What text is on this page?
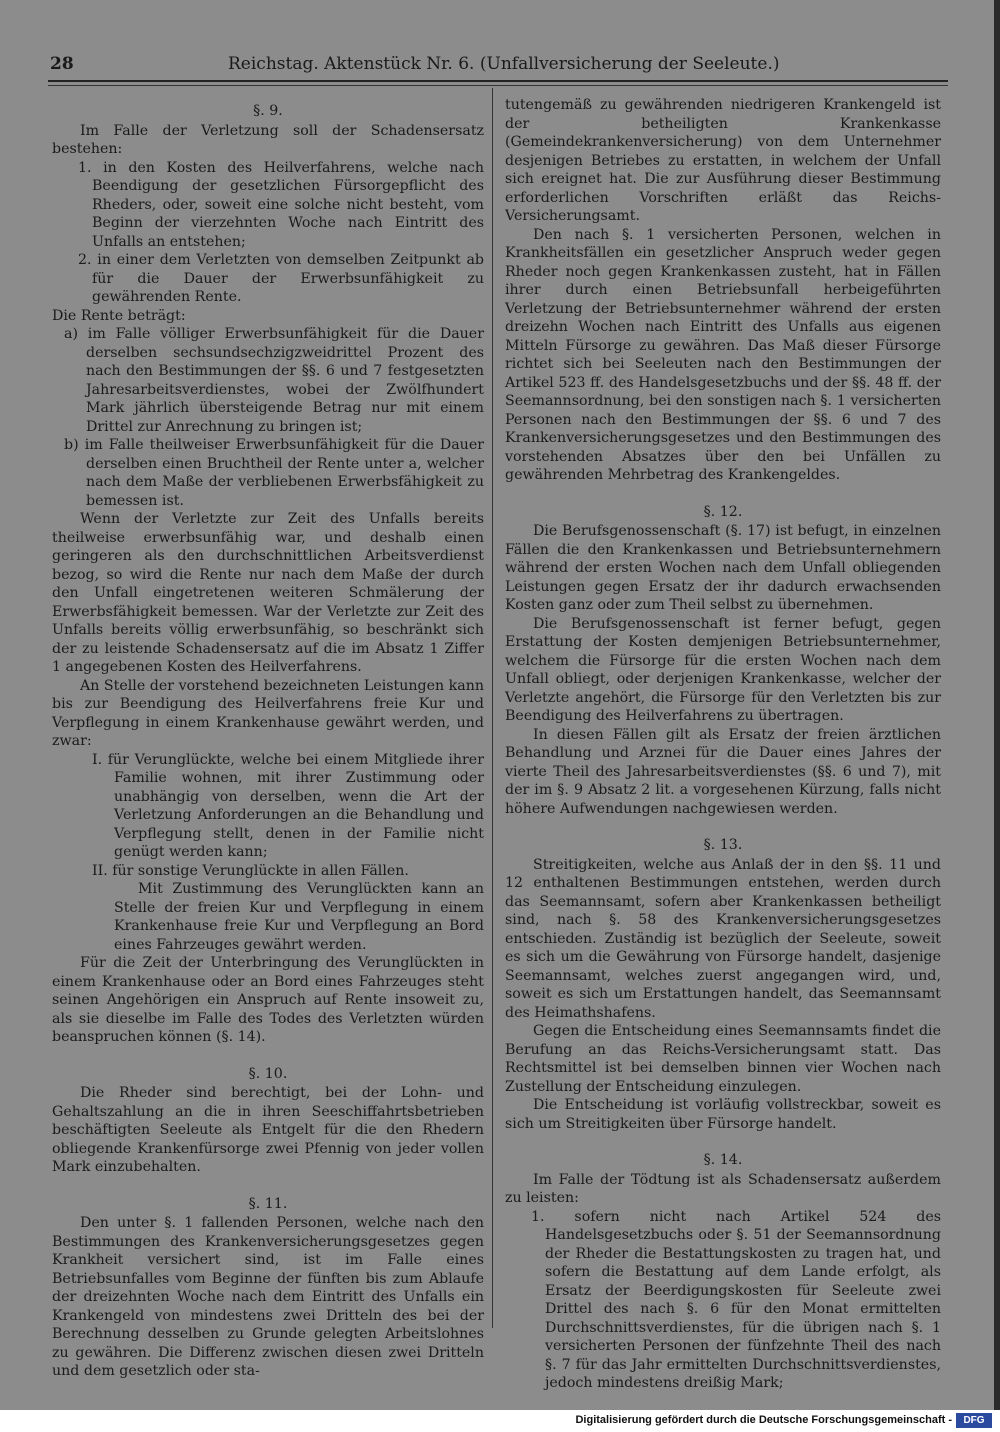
28	Reichstag. Aktenstück Nr. 6. (Unfallversicherung der Seeleute.)
§. 9.

Im Falle der Verletzung soll der Schadensersatz bestehen:

1. in den Kosten des Heilverfahrens, welche nach Beendigung der gesetzlichen Fürsorgepflicht des Rheders, oder, soweit eine solche nicht besteht, vom Beginn der vierzehnten Woche nach Eintritt des Unfalls an entstehen;

2. in einer dem Verletzten von demselben Zeitpunkt ab für die Dauer der Erwerbsunfähigkeit zu gewährenden Rente.

Die Rente beträgt:

a) im Falle völliger Erwerbsunfähigkeit für die Dauer derselben sechsundsechzigzweidrittel Prozent des nach den Bestimmungen der §§. 6 und 7 festgesetzten Jahresarbeitsverdienstes, wobei der Zwölfhundert Mark jährlich übersteigende Betrag nur mit einem Drittel zur Anrechnung zu bringen ist;

b) im Falle theilweiser Erwerbsunfähigkeit für die Dauer derselben einen Bruchtheil der Rente unter a, welcher nach dem Maße der verbliebenen Erwerbsfähigkeit zu bemessen ist.

Wenn der Verletzte zur Zeit des Unfalls bereits theilweise erwerbsunfähig war, und deshalb einen geringeren als den durchschnittlichen Arbeitsverdienst bezog, so wird die Rente nur nach dem Maße der durch den Unfall eingetretenen weiteren Schmälerung der Erwerbsfähigkeit bemessen. War der Verletzte zur Zeit des Unfalls bereits völlig erwerbsunfähig, so beschränkt sich der zu leistende Schadensersatz auf die im Absatz 1 Ziffer 1 angegebenen Kosten des Heilverfahrens.

An Stelle der vorstehend bezeichneten Leistungen kann bis zur Beendigung des Heilverfahrens freie Kur und Verpflegung in einem Krankenhause gewährt werden, und zwar:

I. für Verunglückte, welche bei einem Mitgliede ihrer Familie wohnen, mit ihrer Zustimmung oder unabhängig von derselben, wenn die Art der Verletzung Anforderungen an die Behandlung und Verpflegung stellt, denen in der Familie nicht genügt werden kann;

II. für sonstige Verunglückte in allen Fällen.

Mit Zustimmung des Verunglückten kann an Stelle der freien Kur und Verpflegung in einem Krankenhause freie Kur und Verpflegung an Bord eines Fahrzeuges gewährt werden.

Für die Zeit der Unterbringung des Verunglückten in einem Krankenhause oder an Bord eines Fahrzeuges steht seinen Angehörigen ein Anspruch auf Rente insoweit zu, als sie dieselbe im Falle des Todes des Verletzten würden beanspruchen können (§. 14).

§. 10.

Die Rheder sind berechtigt, bei der Lohn- und Gehaltszahlung an die in ihren Seeschiffahrtsbetrieben beschäftigten Seeleute als Entgelt für die den Rhedern obliegende Krankenfürsorge zwei Pfennig von jeder vollen Mark einzubehalten.

§. 11.

Den unter §. 1 fallenden Personen, welche nach den Bestimmungen des Krankenversicherungsgesetzes gegen Krankheit versichert sind, ist im Falle eines Betriebsunfalles vom Beginne der fünften bis zum Ablaufe der dreizehnten Woche nach dem Eintritt des Unfalls ein Krankengeld von mindestens zwei Dritteln des bei der Berechnung desselben zu Grunde gelegten Arbeitslohnes zu gewähren. Die Differenz zwischen diesen zwei Dritteln und dem gesetzlich oder sta-

tutengemäß zu gewährenden niedrigeren Krankengeld ist der betheiligten Krankenkasse (Gemeindekrankenversicherung) von dem Unternehmer desjenigen Betriebes zu erstatten, in welchem der Unfall sich ereignet hat. Die zur Ausführung dieser Bestimmung erforderlichen Vorschriften erläßt das Reichs-Versicherungsamt.

Den nach §. 1 versicherten Personen, welchen in Krankheitsfällen ein gesetzlicher Anspruch weder gegen Rheder noch gegen Krankenkassen zusteht, hat in Fällen ihrer durch einen Betriebsunfall herbeigeführten Verletzung der Betriebsunternehmer während der ersten dreizehn Wochen nach Eintritt des Unfalls aus eigenen Mitteln Fürsorge zu gewähren. Das Maß dieser Fürsorge richtet sich bei Seeleuten nach den Bestimmungen der Artikel 523 ff. des Handelsgesetzbuchs und der §§. 48 ff. der Seemannsordnung, bei den sonstigen nach §. 1 versicherten Personen nach den Bestimmungen der §§. 6 und 7 des Krankenversicherungsgesetzes und den Bestimmungen des vorstehenden Absatzes über den bei Unfällen zu gewährenden Mehrbetrag des Krankengeldes.

§. 12.

Die Berufsgenossenschaft (§. 17) ist befugt, in einzelnen Fällen die den Krankenkassen und Betriebsunternehmern während der ersten Wochen nach dem Unfall obliegenden Leistungen gegen Ersatz der ihr dadurch erwachsenden Kosten ganz oder zum Theil selbst zu übernehmen.

Die Berufsgenossenschaft ist ferner befugt, gegen Erstattung der Kosten demjenigen Betriebsunternehmer, welchem die Fürsorge für die ersten Wochen nach dem Unfall obliegt, oder derjenigen Krankenkasse, welcher der Verletzte angehört, die Fürsorge für den Verletzten bis zur Beendigung des Heilverfahrens zu übertragen.

In diesen Fällen gilt als Ersatz der freien ärztlichen Behandlung und Arznei für die Dauer eines Jahres der vierte Theil des Jahresarbeitsverdienstes (§§. 6 und 7), mit der im §. 9 Absatz 2 lit. a vorgesehenen Kürzung, falls nicht höhere Aufwendungen nachgewiesen werden.

§. 13.

Streitigkeiten, welche aus Anlaß der in den §§. 11 und 12 enthaltenen Bestimmungen entstehen, werden durch das Seemannsamt, sofern aber Krankenkassen betheiligt sind, nach §. 58 des Krankenversicherungsgesetzes entschieden. Zuständig ist bezüglich der Seeleute, soweit es sich um die Gewährung von Fürsorge handelt, dasjenige Seemannsamt, welches zuerst angegangen wird, und, soweit es sich um Erstattungen handelt, das Seemannsamt des Heimathshafens.

Gegen die Entscheidung eines Seemannsamts findet die Berufung an das Reichs-Versicherungsamt statt. Das Rechtsmittel ist bei demselben binnen vier Wochen nach Zustellung der Entscheidung einzulegen.

Die Entscheidung ist vorläufig vollstreckbar, soweit es sich um Streitigkeiten über Fürsorge handelt.

§. 14.

Im Falle der Tödtung ist als Schadensersatz außerdem zu leisten:

1. sofern nicht nach Artikel 524 des Handelsgesetzbuchs oder §. 51 der Seemannsordnung der Rheder die Bestattungskosten zu tragen hat, und sofern die Bestattung auf dem Lande erfolgt, als Ersatz der Beerdigungskosten für Seeleute zwei Drittel des nach §. 6 für den Monat ermittelten Durchschnittsverdienstes, für die übrigen nach §. 1 versicherten Personen der fünfzehnte Theil des nach §. 7 für das Jahr ermittelten Durchschnittsverdienstes, jedoch mindestens dreißig Mark;

Digitalisierung gefördert durch die Deutsche Forschungsgemeinschaft -	DFG
